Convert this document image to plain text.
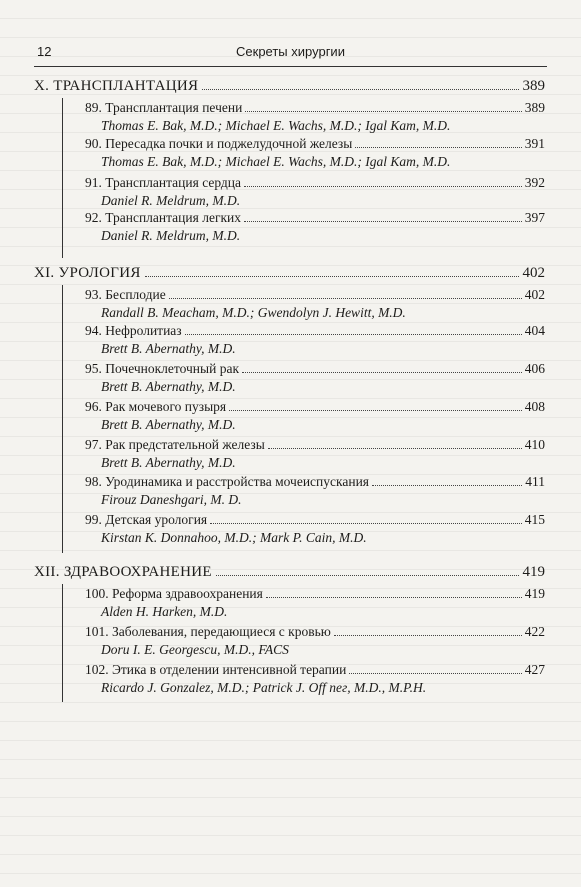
12	Секреты хирургии
X. ТРАНСПЛАНТАЦИЯ	389
89. Трансплантация печени	389
Thomas E. Bak, M.D.; Michael E. Wachs, M.D.; Igal Kam, M.D.
90. Пересадка почки и поджелудочной железы	391
Thomas E. Bak, M.D.; Michael E. Wachs, M.D.; Igal Kam, M.D.
91. Трансплантация сердца	392
Daniel R. Meldrum, M.D.
92. Трансплантация легких	397
Daniel R. Meldrum, M.D.
XI. УРОЛОГИЯ	402
93. Бесплодие	402
Randall B. Meacham, M.D.; Gwendolyn J. Hewitt, M.D.
94. Нефролитиаз	404
Brett B. Abernathy, M.D.
95. Почечноклеточный рак	406
Brett B. Abernathy, M.D.
96. Рак мочевого пузыря	408
Brett B. Abernathy, M.D.
97. Рак предстательной железы	410
Brett B. Abernathy, M.D.
98. Уродинамика и расстройства мочеиспускания	411
Firouz Daneshgari, M. D.
99. Детская урология	415
Kirstan K. Donnahoo, M.D.; Mark P. Cain, M.D.
XII. ЗДРАВООХРАНЕНИЕ	419
100. Реформа здравоохранения	419
Alden H. Harken, M.D.
101. Заболевания, передающиеся с кровью	422
Doru I. E. Georgescu, M.D., FACS
102. Этика в отделении интенсивной терапии	427
Ricardo J. Gonzalez, M.D.; Patrick J. Off пег, M.D., M.P.H.
